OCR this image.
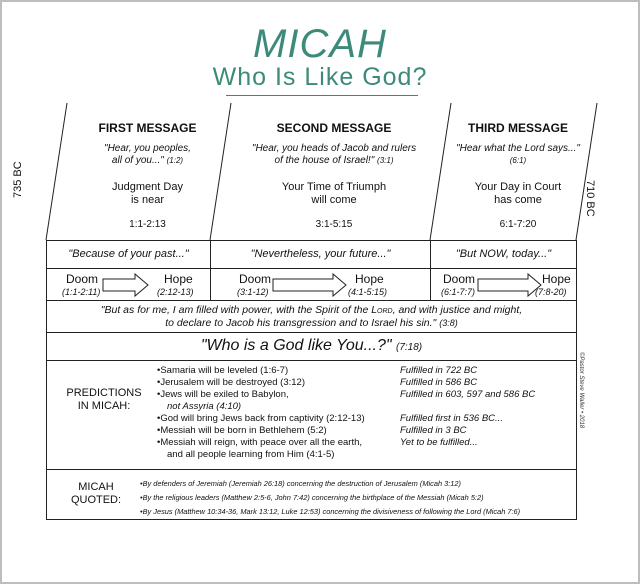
MICAH
Who Is Like God?
735 BC
710 BC
©Pastor Steve Waller • 2018
FIRST MESSAGE
"Hear, you peoples,
all of you..." (1:2)
Judgment Day
is near
1:1-2:13
SECOND MESSAGE
"Hear, you heads of Jacob and rulers
of the house of Israel!" (3:1)
Your Time of Triumph
will come
3:1-5:15
THIRD MESSAGE
"Hear what the Lord says..."
(6:1)
Your Day in Court
has come
6:1-7:20
"Because of your past..."	"Nevertheless, your future..."	"But NOW, today..."
Doom
(1:1-2:11)
Hope
(2:12-13)
Doom
(3:1-12)
Hope
(4:1-5:15)
Doom
(6:1-7:7)
Hope
(7:8-20)
"But as for me, I am filled with power, with the Spirit of the Lord, and with justice and might,
to declare to Jacob his transgression and to Israel his sin." (3:8)
"Who is a God like You...?" (7:18)
PREDICTIONS
IN MICAH:
•Samaria will be leveled (1:6-7)	Fulfilled in 722 BC
•Jerusalem will be destroyed (3:12)	Fulfilled in 586 BC
•Jews will be exiled to Babylon,
not Assyria (4:10)
Fulfilled in 603, 597 and 586 BC
•God will bring Jews back from captivity (2:12-13)	Fulfilled first in 536 BC...
•Messiah will be born in Bethlehem (5:2)	Fulfilled in 3 BC
•Messiah will reign, with peace over all the earth,
and all people learning from Him (4:1-5)
Yet to be fulfilled...
MICAH
QUOTED:
•By defenders of Jeremiah (Jeremiah 26:18) concerning the destruction of Jerusalem (Micah 3:12)
•By the religious leaders (Matthew 2:5-6, John 7:42) concerning the birthplace of the Messiah (Micah 5:2)
•By Jesus (Matthew 10:34-36, Mark 13:12, Luke 12:53) concerning the divisiveness of following the Lord (Micah 7:6)
